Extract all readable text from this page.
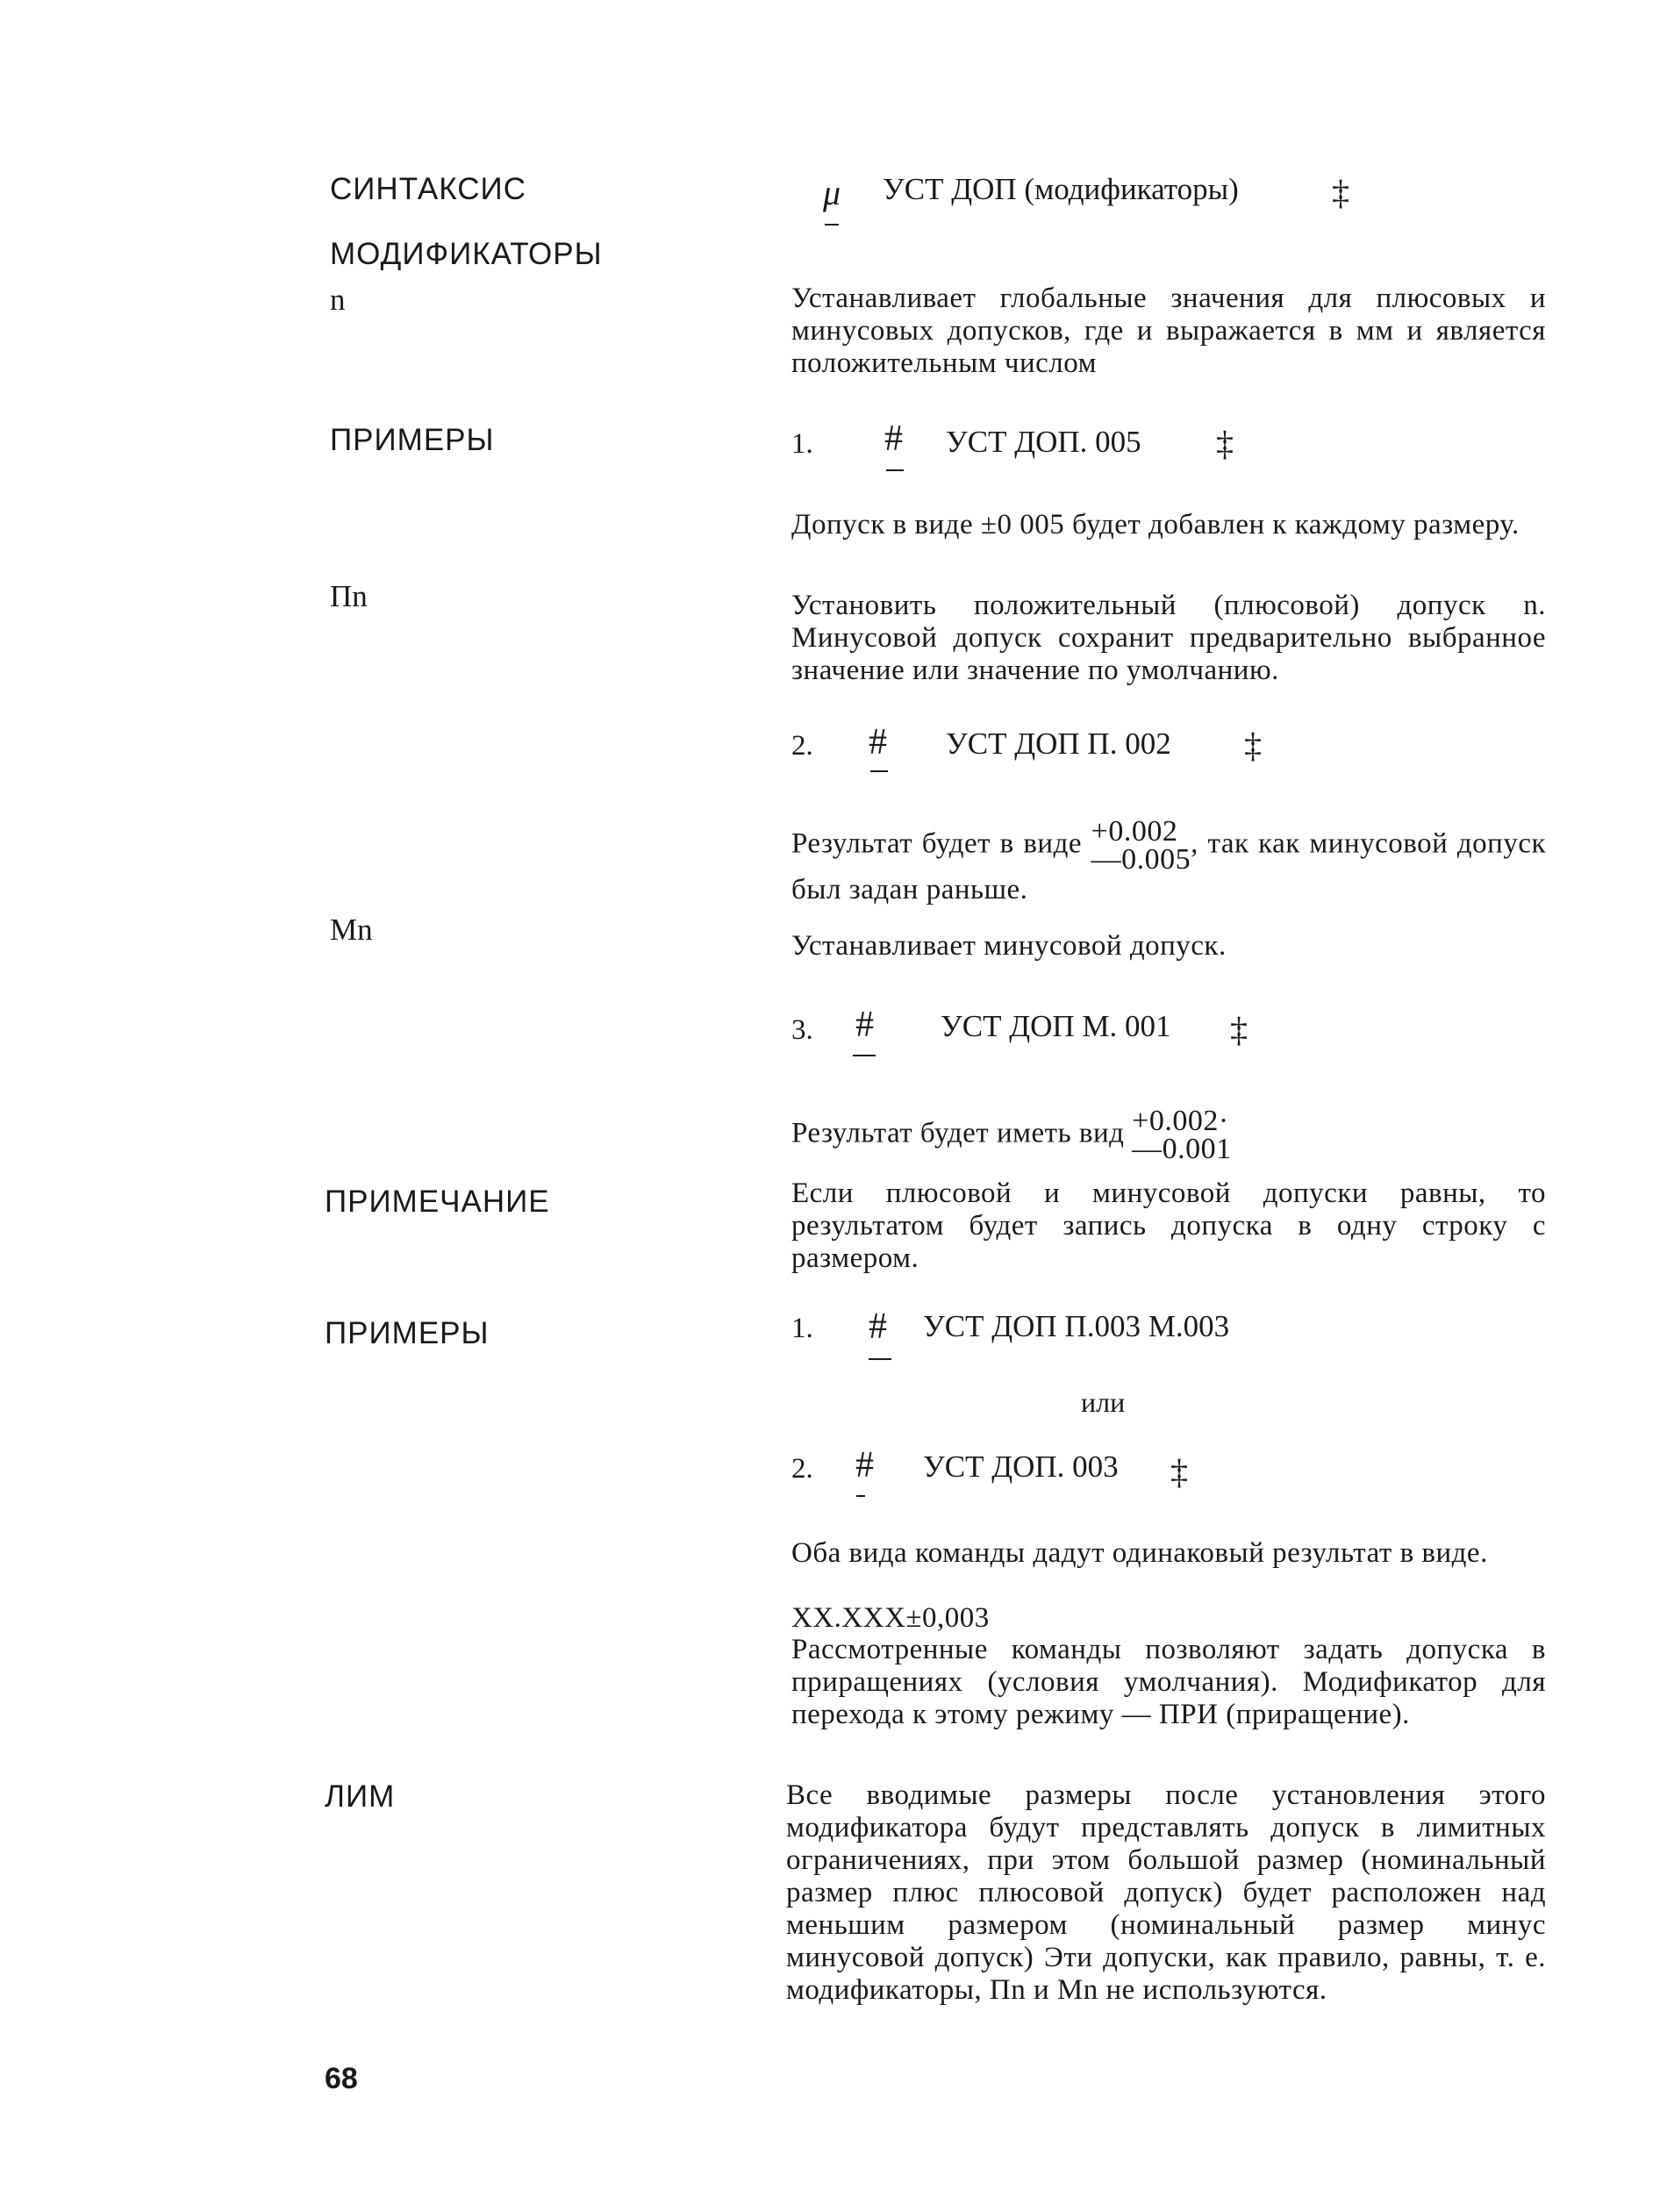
СИНТАКСИС
МОДИФИКАТОРЫ
n
ПРИМЕРЫ
Пn
Mn
ПРИМЕЧАНИЕ
ПРИМЕРЫ
ЛИМ
μ УСТ ДОП (модификаторы)	‡
Устанавливает глобальные значения для плюсовых и минусовых допусков, где и выражается в мм и является положительным числом
1. # УСТ ДОП. 005 ‡
Допуск в виде ±0 005 будет добавлен к каждому размеру.
Установить положительный (плюсовой) допуск n. Минусовой допуск сохранит предварительно выбранное значение или значение по умолчанию.
2. # УСТ ДОП П. 002 ‡
Результат будет в виде +0.002
—0.005 , так как минусовой допуск был задан раньше.
Устанавливает минусовой допуск.
3. # УСТ ДОП М. 001 ‡
Результат будет иметь вид +0.002·
—0.001
Если плюсовой и минусовой допуски равны, то результатом будет запись допуска в одну строку с размером.
1. # УСТ ДОП П.003 М.003
или
2. # УСТ ДОП. 003 ‡
Оба вида команды дадут одинаковый результат в виде.
XX.XXX±0,003
Рассмотренные команды позволяют задать допуска в приращениях (условия умолчания). Модификатор для перехода к этому режиму — ПРИ (приращение).
Все вводимые размеры после установления этого модификатора будут представлять допуск в лимитных ограничениях, при этом большой размер (номинальный размер плюс плюсовой допуск) будет расположен над меньшим размером (номинальный размер минус минусовой допуск) Эти допуски, как правило, равны, т. е. модификаторы, Пn и Mn не используются.
68
